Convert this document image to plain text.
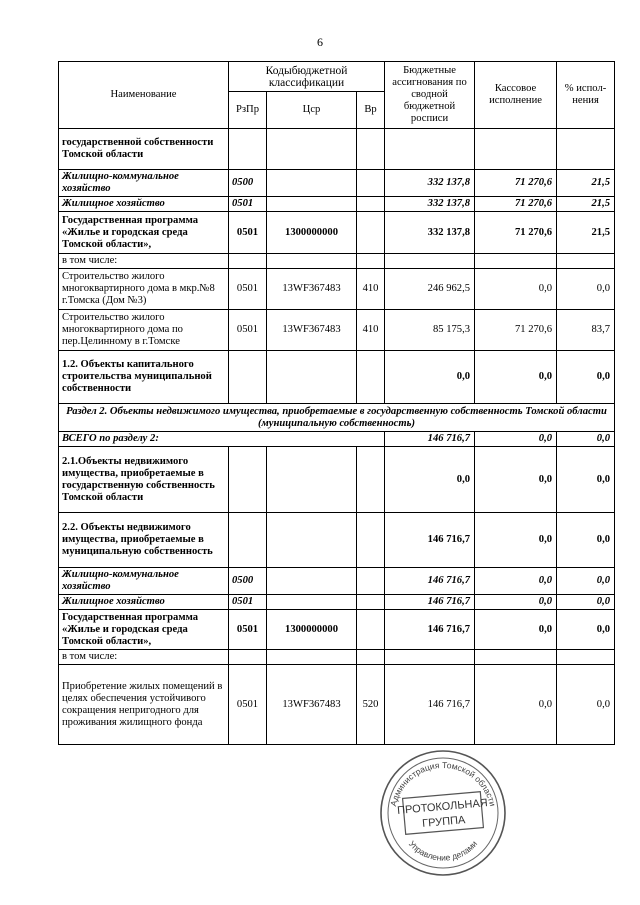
6
Наименование	Кодыбюджетной классификации			Бюджетные ассигнования по сводной бюджетной росписи	Кассовое исполнение	% испол-нения
	РзПр	Цср	Вр			
государственной собственности Томской области						
Жилищно-коммунальное хозяйство	0500			332 137,8	71 270,6	21,5
Жилищное хозяйство	0501			332 137,8	71 270,6	21,5
Государственная программа «Жилье и городская среда Томской области»,	0501	1300000000		332 137,8	71 270,6	21,5
в том числе:						
Строительство жилого многоквартирного дома в мкр.№8 г.Томска (Дом №3)	0501	13WF367483	410	246 962,5	0,0	0,0
Строительство жилого многоквартирного дома по пер.Целинному в г.Томске	0501	13WF367483	410	85 175,3	71 270,6	83,7
1.2. Объекты капитального строительства муниципальной собственности				0,0	0,0	0,0
Раздел 2. Объекты недвижимого имущества, приобретаемые в государственную собственность Томской области (муниципальную собственность)						
ВСЕГО по разделу 2:				146 716,7	0,0	0,0
2.1.Объекты недвижимого имущества, приобретаемые в государственную собственность Томской области				0,0	0,0	0,0
2.2. Объекты недвижимого имущества, приобретаемые в муниципальную собственность				146 716,7	0,0	0,0
Жилищно-коммунальное хозяйство	0500			146 716,7	0,0	0,0
Жилищное хозяйство	0501			146 716,7	0,0	0,0
Государственная программа «Жилье и городская среда Томской области»,	0501	1300000000		146 716,7	0,0	0,0
в том числе:						
Приобретение жилых помещений в целях обеспечения устойчивого сокращения непригодного для проживания жилищного фонда	0501	13WF367483	520	146 716,7	0,0	0,0
Администрация Томской области
Управление делами
ПРОТОКОЛЬНАЯ
ГРУППА
